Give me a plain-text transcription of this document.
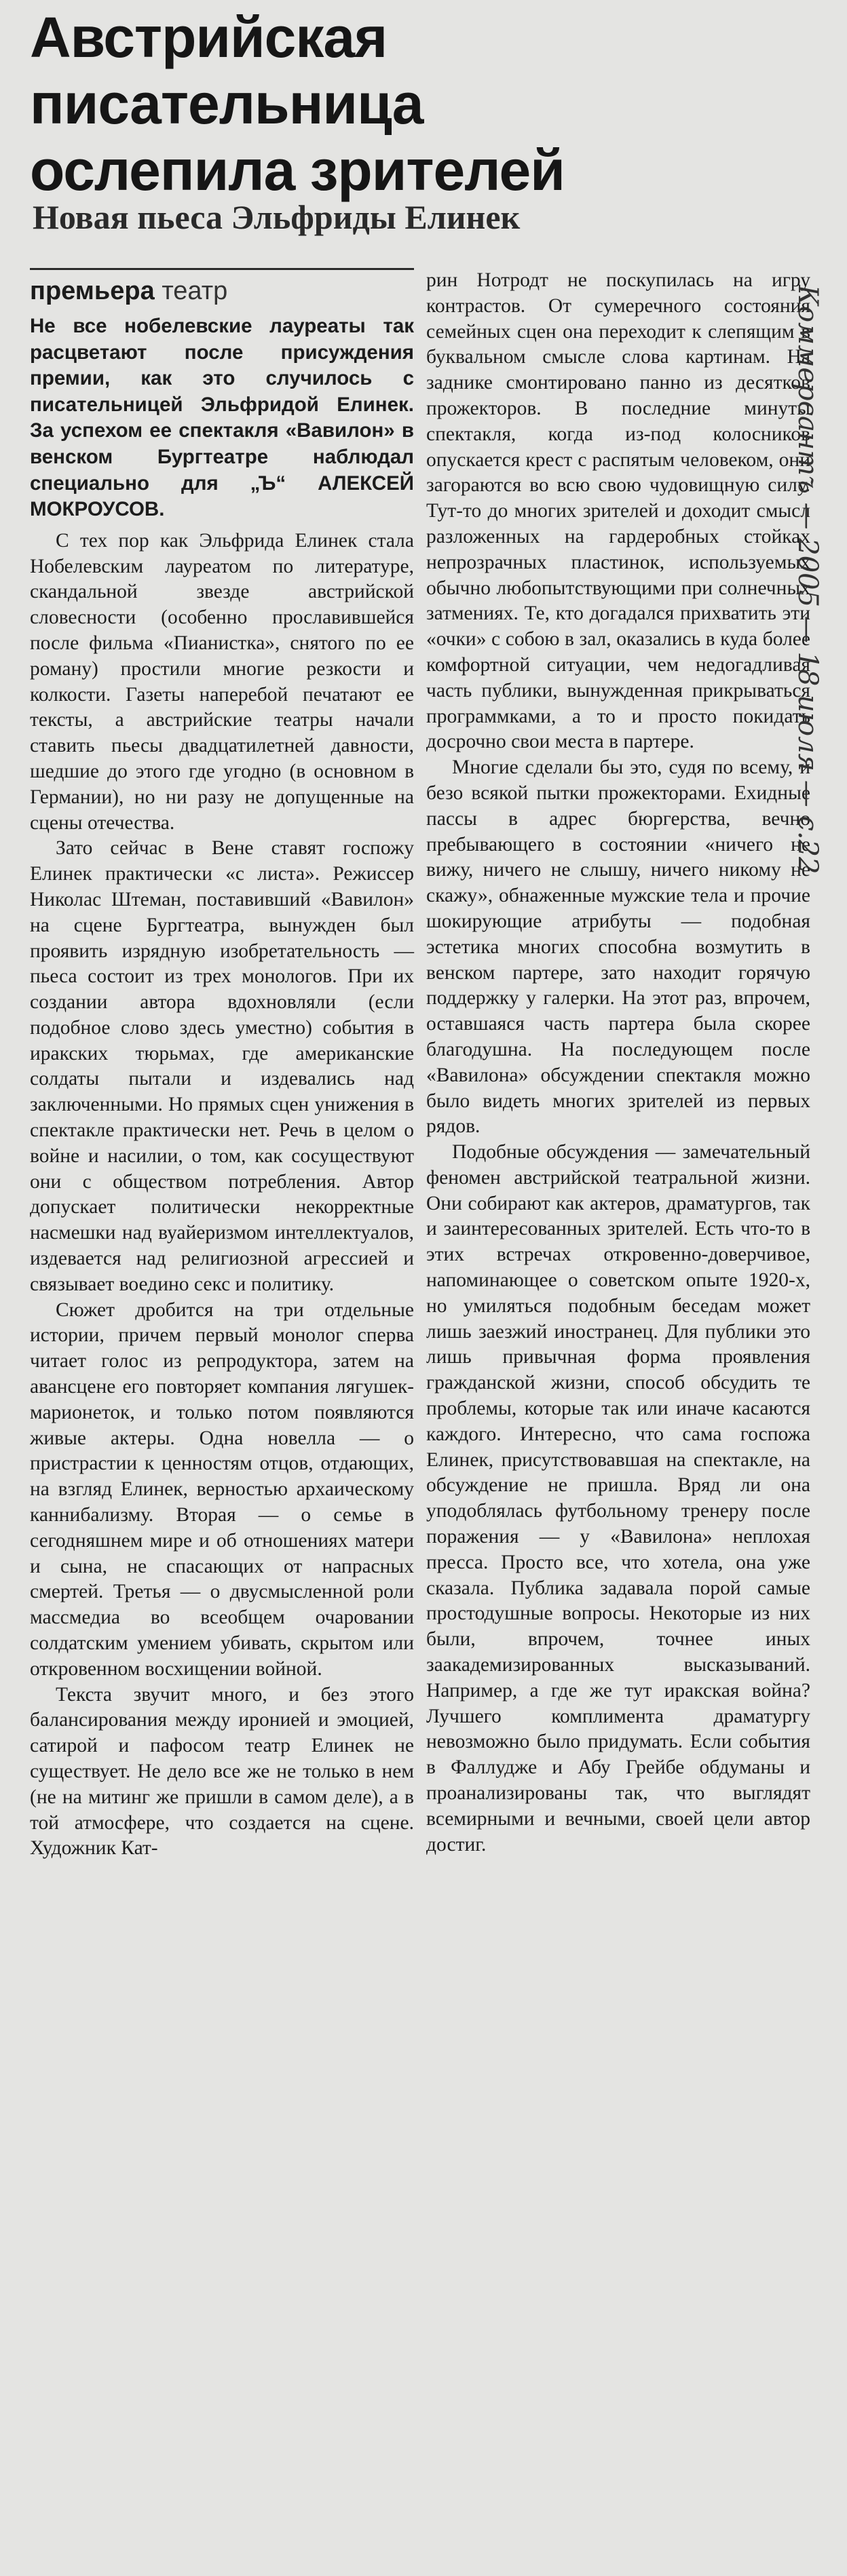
Австрийская
писательница
ослепила зрителей
Новая пьеса Эльфриды Елинек
премьера театр

Не все нобелевские лауреаты так расцветают после присуждения премии, как это случилось с писательницей Эльфридой Елинек. За успехом ее спектакля «Вавилон» в венском Бургтеатре наблюдал специально для „Ъ“ АЛЕКСЕЙ МОКРОУСОВ.

С тех пор как Эльфрида Елинек стала Нобелевским лауреатом по литературе, скандальной звезде австрийской словесности (особенно прославившейся после фильма «Пианистка», снятого по ее роману) простили многие резкости и колкости. Газеты наперебой печатают ее тексты, а австрийские театры начали ставить пьесы двадцатилетней давности, шедшие до этого где угодно (в основном в Германии), но ни разу не допущенные на сцены отечества.

Зато сейчас в Вене ставят госпожу Елинек практически «с листа». Режиссер Николас Штеман, поставивший «Вавилон» на сцене Бургтеатра, вынужден был проявить изрядную изобретательность — пьеса состоит из трех монологов. При их создании автора вдохновляли (если подобное слово здесь уместно) события в иракских тюрьмах, где американские солдаты пытали и издевались над заключенными. Но прямых сцен унижения в спектакле практически нет. Речь в целом о войне и насилии, о том, как сосуществуют они с обществом потребления. Автор допускает политически некорректные насмешки над вуайеризмом интеллектуалов, издевается над религиозной агрессией и связывает воедино секс и политику.

Сюжет дробится на три отдельные истории, причем первый монолог сперва читает голос из репродуктора, затем на авансцене его повторяет компания лягушек-марионеток, и только потом появляются живые актеры. Одна новелла — о пристрастии к ценностям отцов, отдающих, на взгляд Елинек, верностью архаическому каннибализму. Вторая — о семье в сегодняшнем мире и об отношениях матери и сына, не спасающих от напрасных смертей. Третья — о двусмысленной роли массмедиа во всеобщем очаровании солдатским умением убивать, скрытом или откровенном восхищении войной.

Текста звучит много, и без этого балансирования между иронией и эмоцией, сатирой и пафосом театр Елинек не существует. Не дело все же не только в нем (не на митинг же пришли в самом деле), а в той атмосфере, что создается на сцене. Художник Кат-

рин Нотродт не поскупилась на игру контрастов. От сумеречного состояния семейных сцен она переходит к слепящим в буквальном смысле слова картинам. На заднике смонтировано панно из десятков прожекторов. В последние минуты спектакля, когда из-под колосников опускается крест с распятым человеком, они загораются во всю свою чудовищную силу. Тут-то до многих зрителей и доходит смысл разложенных на гардеробных стойках непрозрачных пластинок, используемых обычно любопытствующими при солнечных затмениях. Те, кто догадался прихватить эти «очки» с собою в зал, оказались в куда более комфортной ситуации, чем недогадливая часть публики, вынужденная прикрываться программками, а то и просто покидать досрочно свои места в партере.

Многие сделали бы это, судя по всему, и безо всякой пытки прожекторами. Ехидные пассы в адрес бюргерства, вечно пребывающего в состоянии «ничего не вижу, ничего не слышу, ничего никому не скажу», обнаженные мужские тела и прочие шокирующие атрибуты — подобная эстетика многих способна возмутить в венском партере, зато находит горячую поддержку у галерки. На этот раз, впрочем, оставшаяся часть партера была скорее благодушна. На последующем после «Вавилона» обсуждении спектакля можно было видеть многих зрителей из первых рядов.

Подобные обсуждения — замечательный феномен австрийской театральной жизни. Они собирают как актеров, драматургов, так и заинтересованных зрителей. Есть что-то в этих встречах откровенно-доверчивое, напоминающее о советском опыте 1920-х, но умиляться подобным беседам может лишь заезжий иностранец. Для публики это лишь привычная форма проявления гражданской жизни, способ обсудить те проблемы, которые так или иначе касаются каждого. Интересно, что сама госпожа Елинек, присутствовавшая на спектакле, на обсуждение не пришла. Вряд ли она уподоблялась футбольному тренеру после поражения — у «Вавилона» неплохая пресса. Просто все, что хотела, она уже сказала. Публика задавала порой самые простодушные вопросы. Некоторые из них были, впрочем, точнее иных заакадемизированных высказываний. Например, а где же тут иракская война? Лучшего комплимента драматургу невозможно было придумать. Если события в Фаллудже и Абу Грейбе обдуманы и проанализированы так, что выглядят всемирными и вечными, своей цели автор достиг.

Коммерсантъ — 2005 — 18 июля — с.22
